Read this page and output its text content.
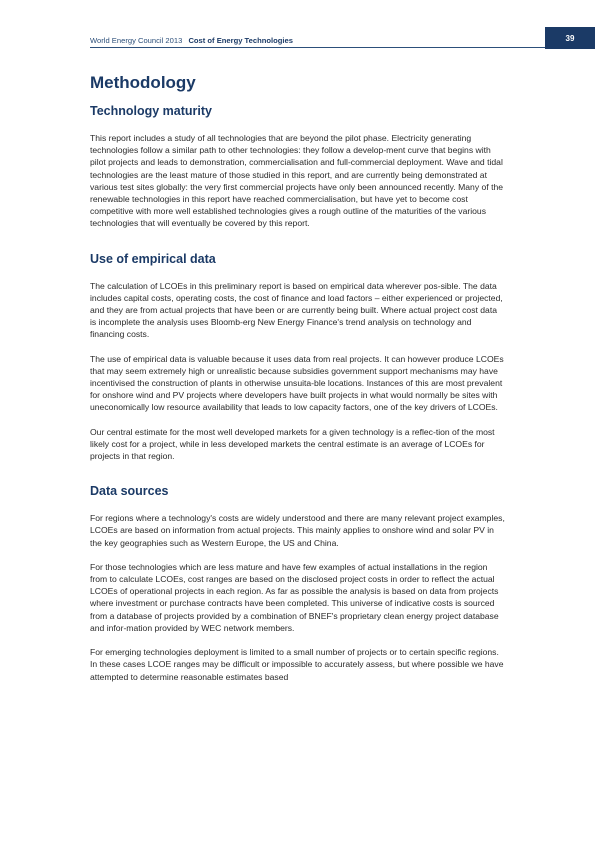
World Energy Council 2013 Cost of Energy Technologies	39
Methodology
Technology maturity

This report includes a study of all technologies that are beyond the pilot phase. Electricity generating technologies follow a similar path to other technologies: they follow a develop-ment curve that begins with pilot projects and leads to demonstration, commercialisation and full-commercial deployment. Wave and tidal technologies are the least mature of those studied in this report, and are currently being demonstrated at various test sites globally: the very first commercial projects have only been announced recently. Many of the renewable technologies in this report have reached commercialisation, but have yet to become cost competitive with more well established technologies gives a rough outline of the maturities of the various technologies that will eventually be covered by this report.

Use of empirical data

The calculation of LCOEs in this preliminary report is based on empirical data wherever pos-sible. The data includes capital costs, operating costs, the cost of finance and load factors – either experienced or projected, and they are from actual projects that have been or are currently being built. Where actual project cost data is incomplete the analysis uses Bloomb-erg New Energy Finance's trend analysis on technology and financing costs.

The use of empirical data is valuable because it uses data from real projects. It can however produce LCOEs that may seem extremely high or unrealistic because subsidies government support mechanisms may have incentivised the construction of plants in otherwise unsuita-ble locations. Instances of this are most prevalent for onshore wind and PV projects where developers have built projects in what would normally be sites with uneconomically low resource availability that leads to low capacity factors, one of the key drivers of LCOEs.

Our central estimate for the most well developed markets for a given technology is a reflec-tion of the most likely cost for a project, while in less developed markets the central estimate is an average of LCOEs for projects in that region.

Data sources

For regions where a technology's costs are widely understood and there are many relevant project examples, LCOEs are based on information from actual projects. This mainly applies to onshore wind and solar PV in the key geographies such as Western Europe, the US and China.

For those technologies which are less mature and have few examples of actual installations in the region from to calculate LCOEs, cost ranges are based on the disclosed project costs in order to reflect the actual LCOEs of operational projects in each region. As far as possible the analysis is based on data from projects where investment or purchase contracts have been completed. This universe of indicative costs is sourced from a database of projects provided by a combination of BNEF's proprietary clean energy project database and infor-mation provided by WEC network members.

For emerging technologies deployment is limited to a small number of projects or to certain specific regions. In these cases LCOE ranges may be difficult or impossible to accurately assess, but where possible we have attempted to determine reasonable estimates based
